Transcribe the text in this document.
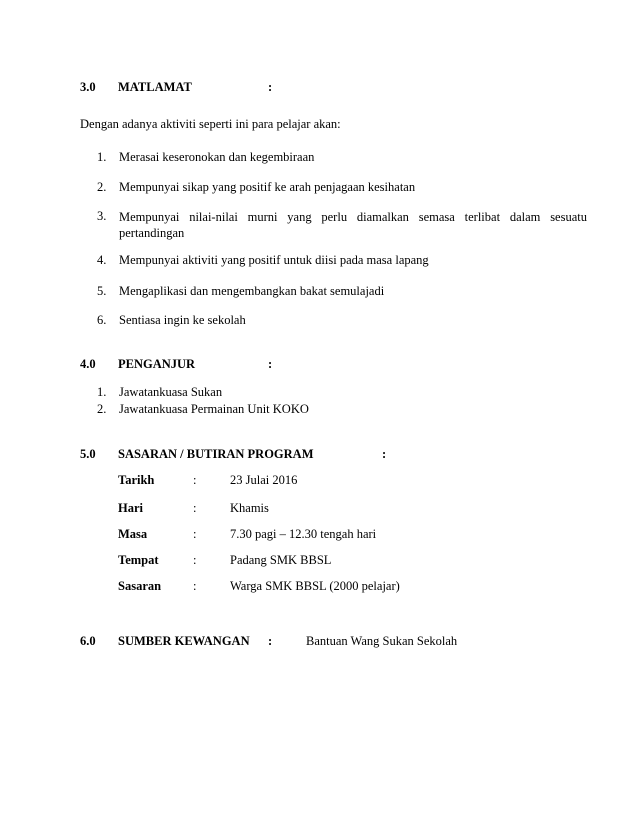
3.0 MATLAMAT	:
Dengan adanya aktiviti seperti ini para pelajar akan:
1. Merasai keseronokan dan kegembiraan
2. Mempunyai sikap yang positif ke arah penjagaan kesihatan
3. Mempunyai nilai-nilai murni yang perlu diamalkan semasa terlibat dalam sesuatu
pertandingan
4. Mempunyai aktiviti yang positif untuk diisi pada masa lapang
5. Mengaplikasi dan mengembangkan bakat semulajadi
6. Sentiasa ingin ke sekolah
4.0 PENGANJUR	:
1. Jawatankuasa Sukan
2. Jawatankuasa Permainan Unit KOKO
5.0 SASARAN / BUTIRAN PROGRAM	:
Tarikh	:	23 Julai 2016
Hari	:	Khamis
Masa	:	7.30 pagi – 12.30 tengah hari
Tempat	:	Padang SMK BBSL
Sasaran	:	Warga SMK BBSL (2000 pelajar)
6.0 SUMBER KEWANGAN :	Bantuan Wang Sukan Sekolah
